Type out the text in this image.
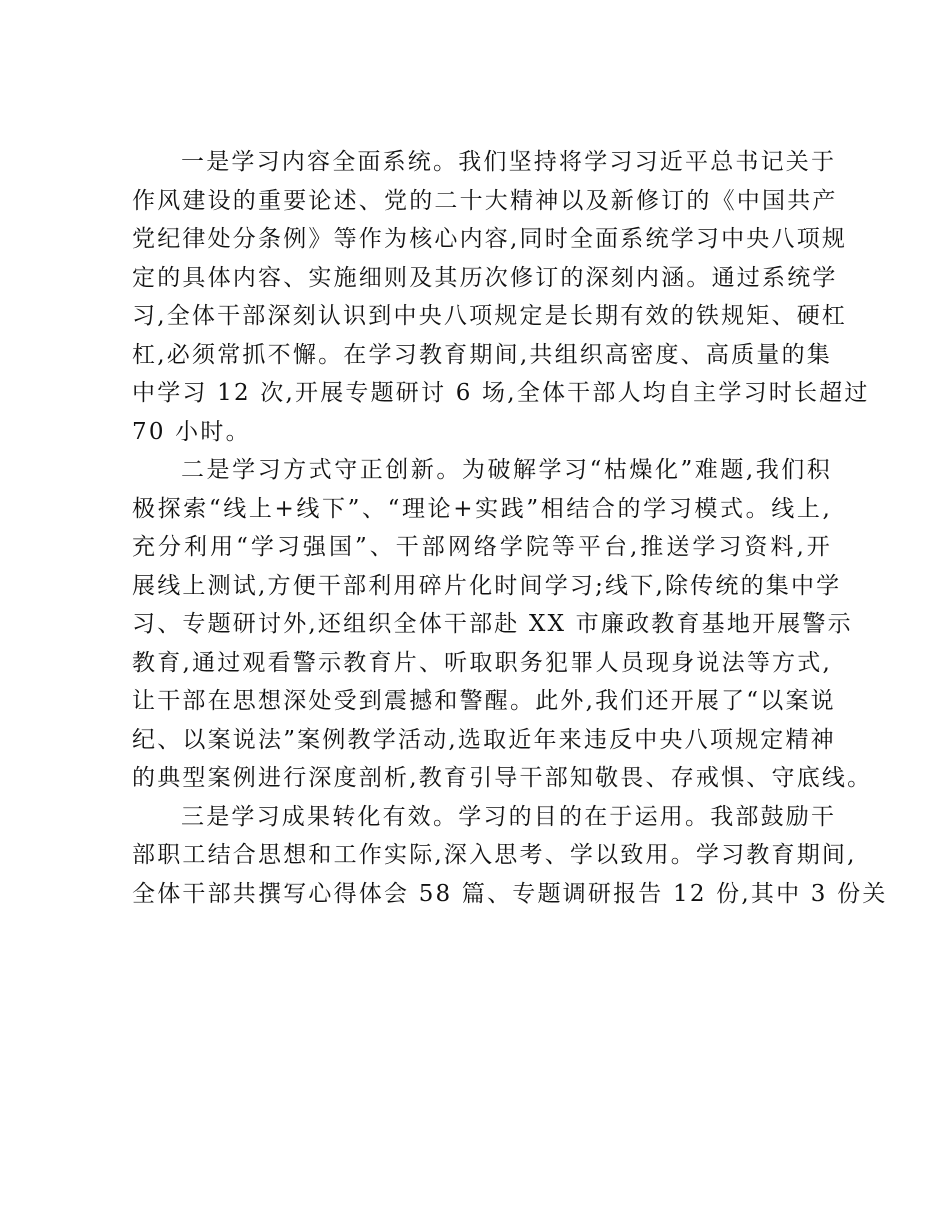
一是学习内容全面系统。我们坚持将学习习近平总书记关于
作风建设的重要论述、党的二十大精神以及新修订的《中国共产
党纪律处分条例》等作为核心内容,同时全面系统学习中央八项规
定的具体内容、实施细则及其历次修订的深刻内涵。通过系统学
习,全体干部深刻认识到中央八项规定是长期有效的铁规矩、硬杠
杠,必须常抓不懈。在学习教育期间,共组织高密度、高质量的集
中学习 12 次,开展专题研讨 6 场,全体干部人均自主学习时长超过
70 小时。
二是学习方式守正创新。为破解学习“枯燥化”难题,我们积
极探索“线上+线下”、“理论+实践”相结合的学习模式。线上,
充分利用“学习强国”、干部网络学院等平台,推送学习资料,开
展线上测试,方便干部利用碎片化时间学习;线下,除传统的集中学
习、专题研讨外,还组织全体干部赴 XX 市廉政教育基地开展警示
教育,通过观看警示教育片、听取职务犯罪人员现身说法等方式,
让干部在思想深处受到震撼和警醒。此外,我们还开展了“以案说
纪、以案说法”案例教学活动,选取近年来违反中央八项规定精神
的典型案例进行深度剖析,教育引导干部知敬畏、存戒惧、守底线。
三是学习成果转化有效。学习的目的在于运用。我部鼓励干
部职工结合思想和工作实际,深入思考、学以致用。学习教育期间,
全体干部共撰写心得体会 58 篇、专题调研报告 12 份,其中 3 份关
